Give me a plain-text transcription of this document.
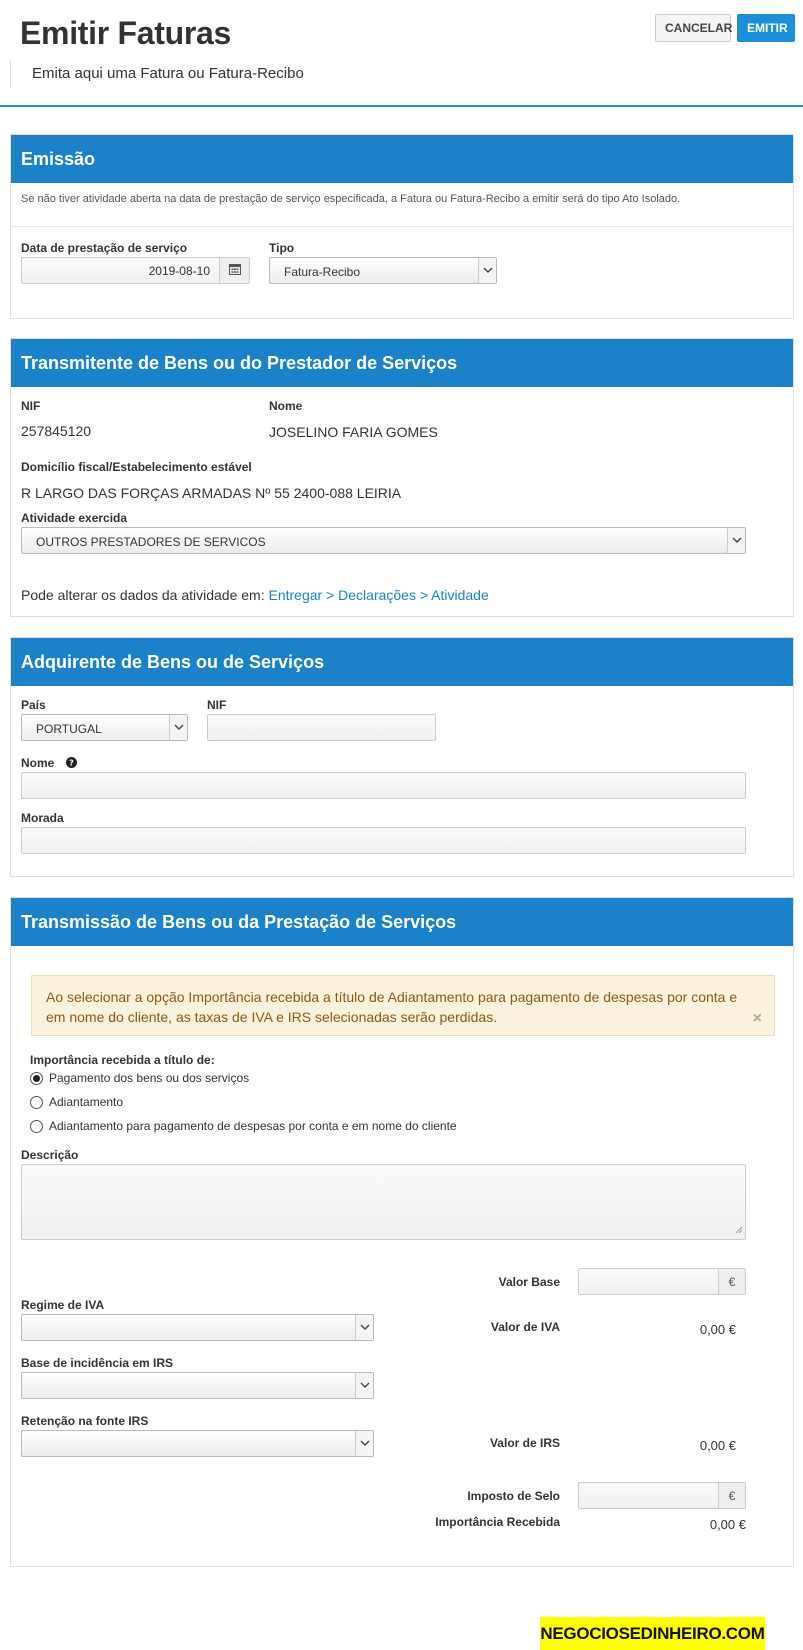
Emitir Faturas
Emita aqui uma Fatura ou Fatura-Recibo
CANCELAR	EMITIR
Emissão
Se não tiver atividade aberta na data de prestação de serviço especificada, a Fatura ou Fatura-Recibo a emitir será do tipo Ato Isolado.
Data de prestação de serviço
2019-08-10
Tipo
Fatura-Recibo
Transmitente de Bens ou do Prestador de Serviços
NIF
257845120
Nome
JOSELINO FARIA GOMES
Domicílio fiscal/Estabelecimento estável
R LARGO DAS FORÇAS ARMADAS Nº 55 2400-088 LEIRIA
Atividade exercida
OUTROS PRESTADORES DE SERVICOS
Pode alterar os dados da atividade em: Entregar > Declarações > Atividade
Adquirente de Bens ou de Serviços
País
PORTUGAL
NIF
Nome ?
Morada
Transmissão de Bens ou da Prestação de Serviços
Ao selecionar a opção Importância recebida a título de Adiantamento para pagamento de despesas por conta e em nome do cliente, as taxas de IVA e IRS selecionadas serão perdidas.	×
Importância recebida a título de:
Pagamento dos bens ou dos serviços
Adiantamento
Adiantamento para pagamento de despesas por conta e em nome do cliente
Descrição
Valor Base	€
Regime de IVA
Valor de IVA	0,00 €
Base de incidência em IRS
Retenção na fonte IRS
Valor de IRS	0,00 €
Imposto de Selo	€
Importância Recebida	0,00 €
NEGOCIOSEDINHEIRO.COM
